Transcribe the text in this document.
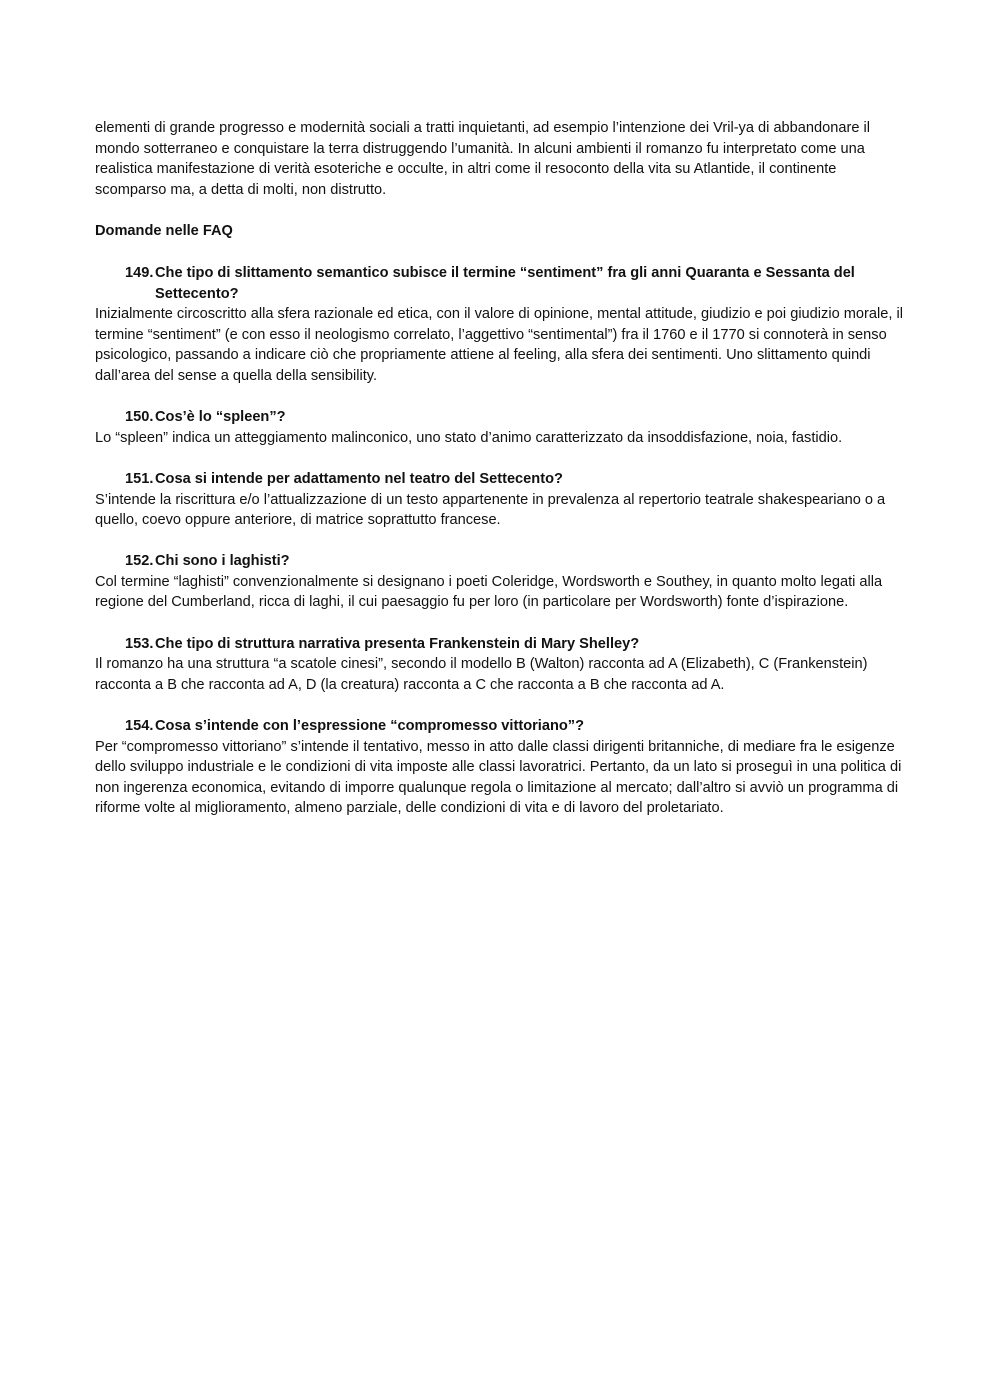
elementi di grande progresso e modernità sociali a tratti inquietanti, ad esempio l’intenzione dei Vril-ya di abbandonare il mondo sotterraneo e conquistare la terra distruggendo l’umanità. In alcuni ambienti il romanzo fu interpretato come una realistica manifestazione di verità esoteriche e occulte, in altri come il resoconto della vita su Atlantide, il continente scomparso ma, a detta di molti, non distrutto.

Domande nelle FAQ
149. Che tipo di slittamento semantico subisce il termine “sentiment” fra gli anni Quaranta e Sessanta del Settecento?

Inizialmente circoscritto alla sfera razionale ed etica, con il valore di opinione, mental attitude, giudizio e poi giudizio morale, il termine “sentiment” (e con esso il neologismo correlato, l’aggettivo “sentimental”) fra il 1760 e il 1770 si connoterà in senso psicologico, passando a indicare ciò che propriamente attiene al feeling, alla sfera dei sentimenti. Uno slittamento quindi dall’area del sense a quella della sensibility.

150. Cos’è lo “spleen”?

Lo “spleen” indica un atteggiamento malinconico, uno stato d’animo caratterizzato da insoddisfazione, noia, fastidio.

151. Cosa si intende per adattamento nel teatro del Settecento?

S’intende la riscrittura e/o l’attualizzazione di un testo appartenente in prevalenza al repertorio teatrale shakespeariano o a quello, coevo oppure anteriore, di matrice soprattutto francese.

152. Chi sono i laghisti?

Col termine “laghisti” convenzionalmente si designano i poeti Coleridge, Wordsworth e Southey, in quanto molto legati alla regione del Cumberland, ricca di laghi, il cui paesaggio fu per loro (in particolare per Wordsworth) fonte d’ispirazione.

153. Che tipo di struttura narrativa presenta Frankenstein di Mary Shelley?

Il romanzo ha una struttura “a scatole cinesi”, secondo il modello B (Walton) racconta ad A (Elizabeth), C (Frankenstein) racconta a B che racconta ad A, D (la creatura) racconta a C che racconta a B che racconta ad A.

154. Cosa s’intende con l’espressione “compromesso vittoriano”?

Per “compromesso vittoriano” s’intende il tentativo, messo in atto dalle classi dirigenti britanniche, di mediare fra le esigenze dello sviluppo industriale e le condizioni di vita imposte alle classi lavoratrici. Pertanto, da un lato si proseguì in una politica di non ingerenza economica, evitando di imporre qualunque regola o limitazione al mercato; dall’altro si avviò un programma di riforme volte al miglioramento, almeno parziale, delle condizioni di vita e di lavoro del proletariato.
